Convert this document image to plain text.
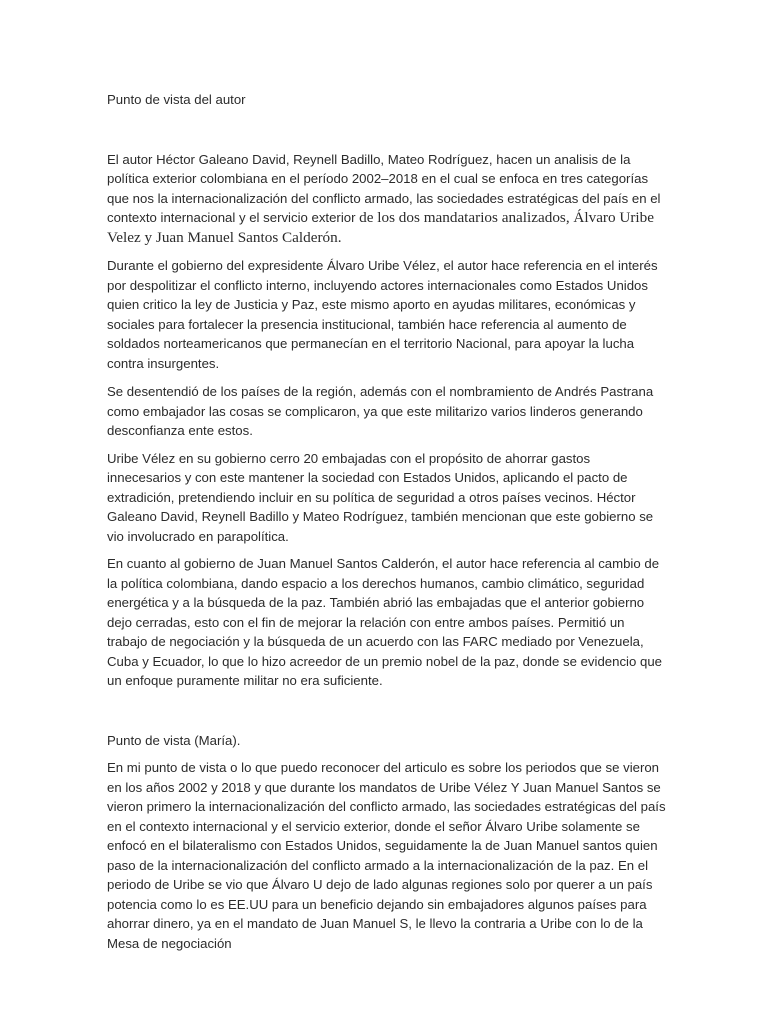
Punto de vista del autor

El autor Héctor Galeano David, Reynell Badillo, Mateo Rodríguez, hacen un analisis de la política exterior colombiana en el período 2002–2018 en el cual se enfoca en tres categorías que nos la internacionalización del conflicto armado, las sociedades estratégicas del país en el contexto internacional y el servicio exterior de los dos mandatarios analizados, Álvaro Uribe Velez y Juan Manuel Santos Calderón.

Durante el gobierno del expresidente Álvaro Uribe Vélez, el autor hace referencia en el interés por despolitizar el conflicto interno, incluyendo actores internacionales como Estados Unidos quien critico la ley de Justicia y Paz, este mismo aporto en ayudas militares, económicas y sociales para fortalecer la presencia institucional, también hace referencia al aumento de soldados norteamericanos que permanecían en el territorio Nacional, para apoyar la lucha contra insurgentes.

Se desentendió de los países de la región, además con el nombramiento de Andrés Pastrana como embajador las cosas se complicaron, ya que este militarizo varios linderos generando desconfianza ente estos.

Uribe Vélez en su gobierno cerro 20 embajadas con el propósito de ahorrar gastos innecesarios y con este mantener la sociedad con Estados Unidos, aplicando el pacto de extradición, pretendiendo incluir en su política de seguridad a otros países vecinos. Héctor Galeano David, Reynell Badillo y Mateo Rodríguez, también mencionan que este gobierno se vio involucrado en parapolítica.

En cuanto al gobierno de Juan Manuel Santos Calderón, el autor hace referencia al cambio de la política colombiana, dando espacio a los derechos humanos, cambio climático, seguridad energética y a la búsqueda de la paz. También abrió las embajadas que el anterior gobierno dejo cerradas, esto con el fin de mejorar la relación con entre ambos países. Permitió un trabajo de negociación y la búsqueda de un acuerdo con las FARC mediado por Venezuela, Cuba y Ecuador, lo que lo hizo acreedor de un premio nobel de la paz, donde se evidencio que un enfoque puramente militar no era suficiente.

Punto de vista (María).

En mi punto de vista o lo que puedo reconocer del articulo es sobre los periodos que se vieron en los años 2002 y 2018 y que durante los mandatos de Uribe Vélez Y Juan Manuel Santos se vieron primero la internacionalización del conflicto armado, las sociedades estratégicas del país en el contexto internacional y el servicio exterior, donde el señor Álvaro Uribe solamente se enfocó en el bilateralismo con Estados Unidos, seguidamente la de Juan Manuel santos quien paso de la internacionalización del conflicto armado a la internacionalización de la paz. En el periodo de Uribe se vio que Álvaro U dejo de lado algunas regiones solo por querer a un país potencia como lo es EE.UU para un beneficio dejando sin embajadores algunos países para ahorrar dinero, ya en el mandato de Juan Manuel S, le llevo la contraria a Uribe con lo de la Mesa de negociación
